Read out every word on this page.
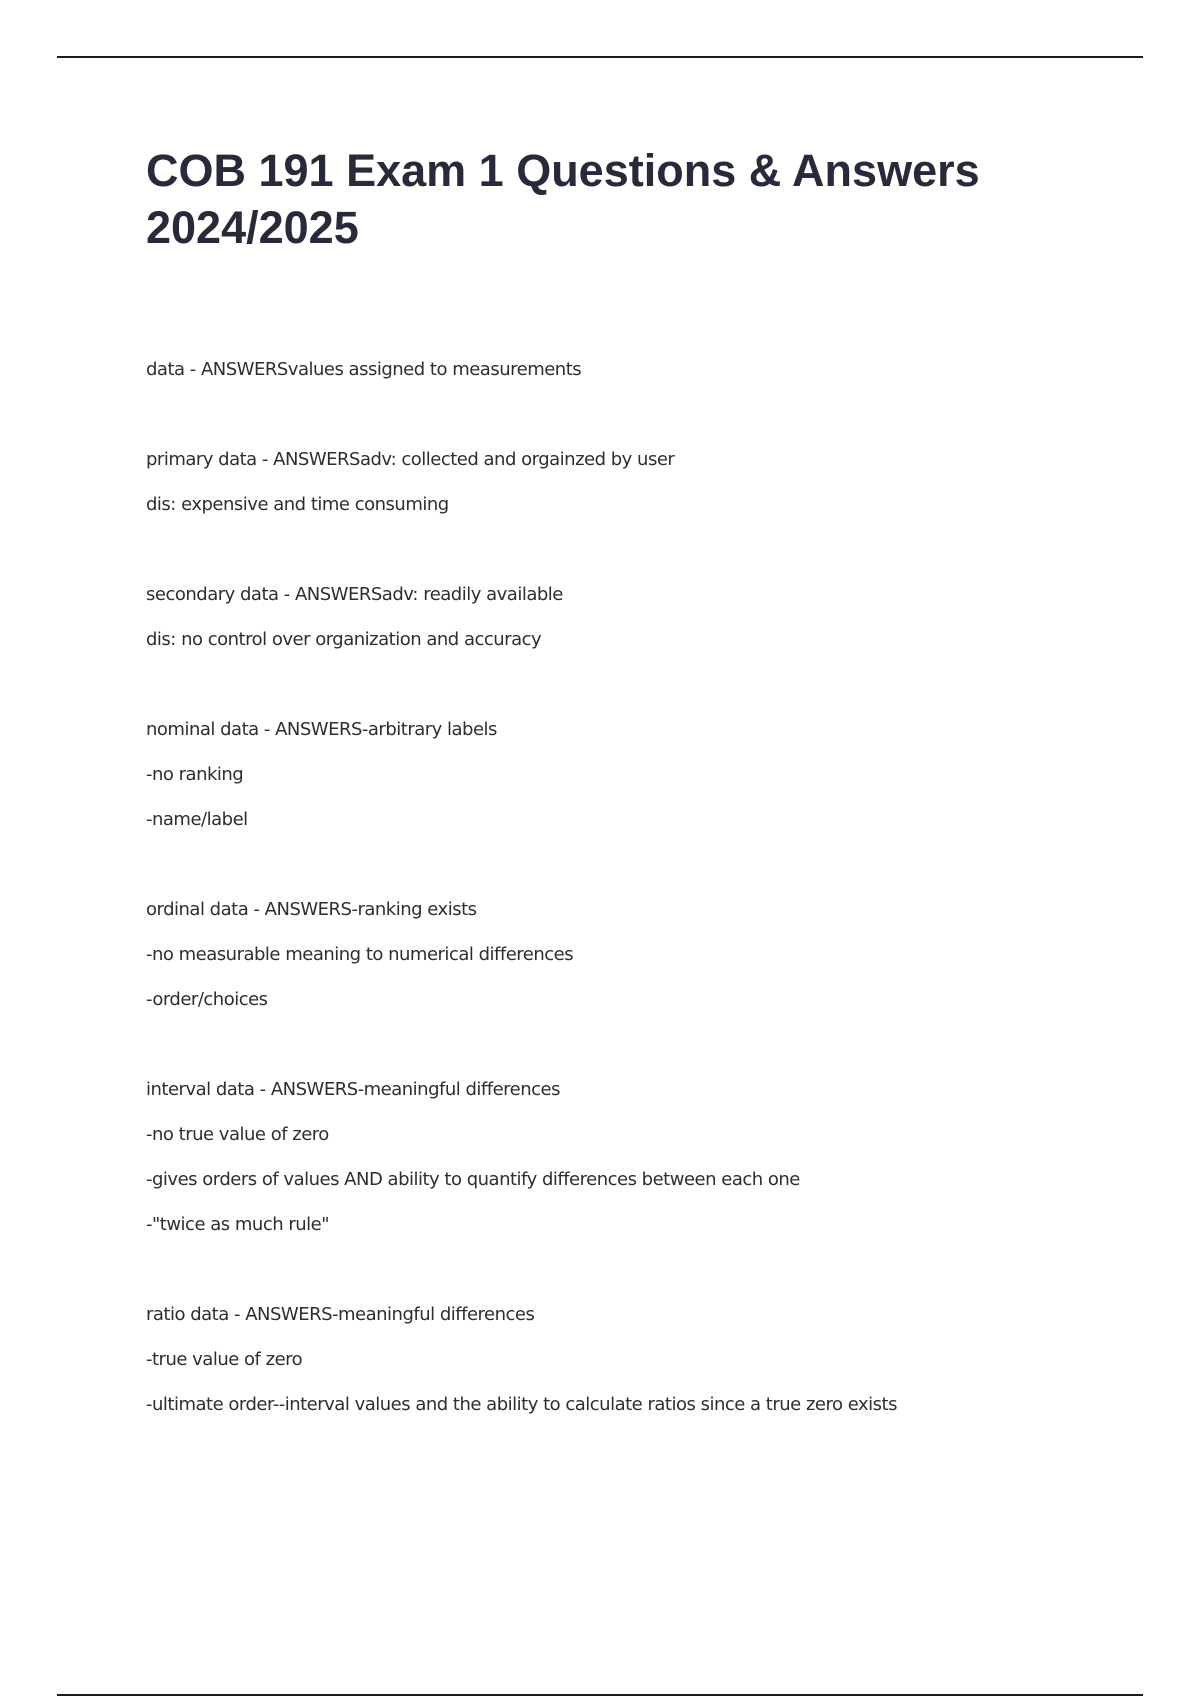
COB 191 Exam 1 Questions & Answers 2024/2025
data - ANSWERSvalues assigned to measurements
primary data - ANSWERSadv: collected and orgainzed by user
dis: expensive and time consuming
secondary data - ANSWERSadv: readily available
dis: no control over organization and accuracy
nominal data - ANSWERS-arbitrary labels
-no ranking
-name/label
ordinal data - ANSWERS-ranking exists
-no measurable meaning to numerical differences
-order/choices
interval data - ANSWERS-meaningful differences
-no true value of zero
-gives orders of values AND ability to quantify differences between each one
-"twice as much rule"
ratio data - ANSWERS-meaningful differences
-true value of zero
-ultimate order--interval values and the ability to calculate ratios since a true zero exists
